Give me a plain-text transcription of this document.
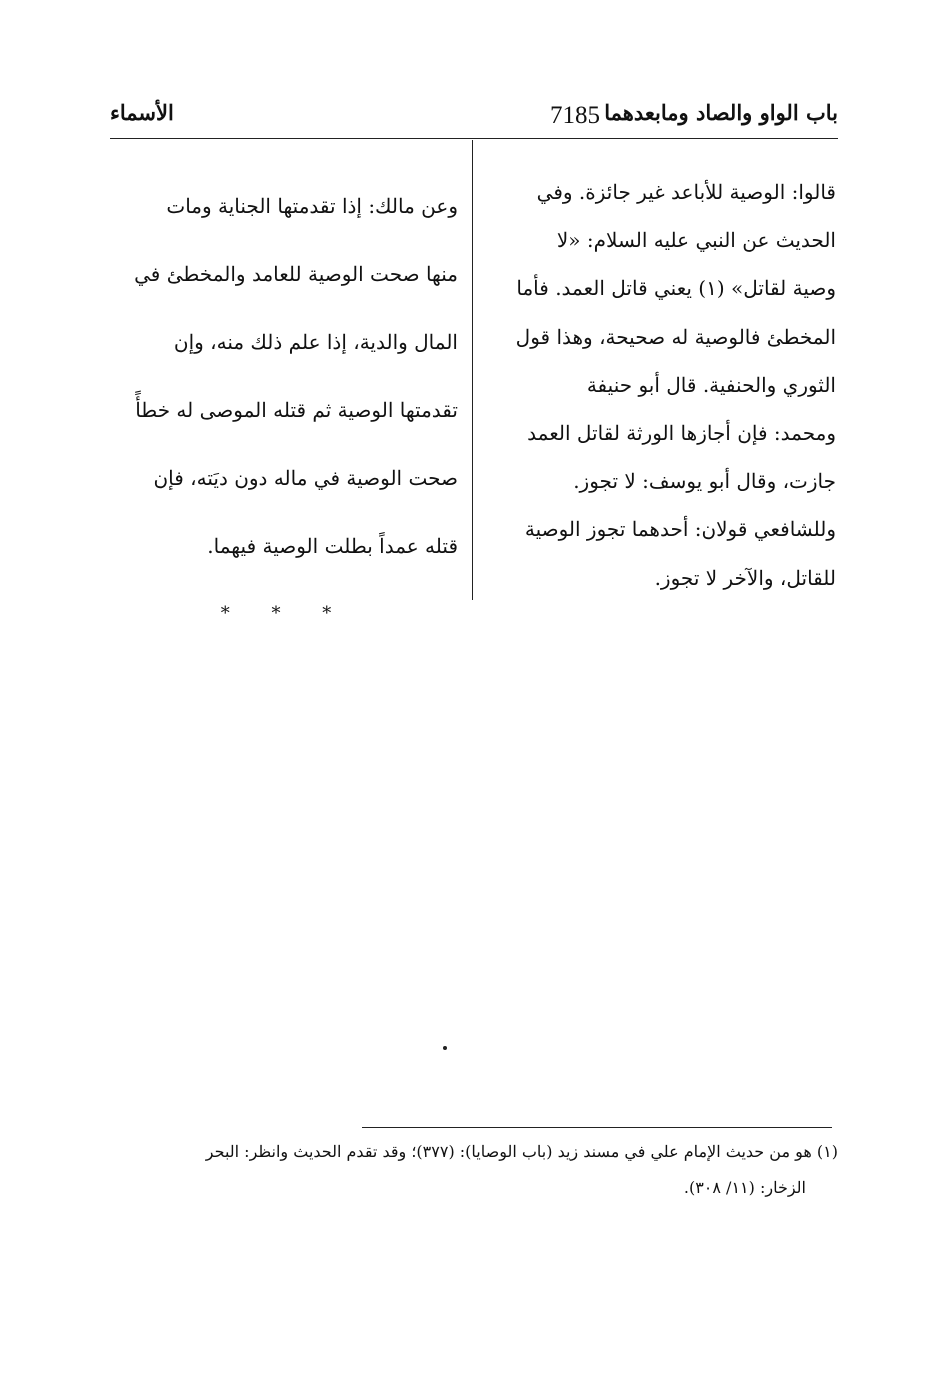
باب الواو والصاد ومابعدهما
7185
الأسماء
قالوا: الوصية للأباعد غير جائزة. وفي
الحديث عن النبي عليه السلام: «لا
وصية لقاتل» (١) يعني قاتل العمد. فأما
المخطئ فالوصية له صحيحة، وهذا قول
الثوري والحنفية. قال أبو حنيفة
ومحمد: فإن أجازها الورثة لقاتل العمد
جازت، وقال أبو يوسف: لا تجوز.
وللشافعي قولان: أحدهما تجوز الوصية
للقاتل، والآخر لا تجوز.
وعن مالك: إذا تقدمتها الجناية ومات
منها صحت الوصية للعامد والمخطئ في
المال والدية، إذا علم ذلك منه، وإن
تقدمتها الوصية ثم قتله الموصى له خطأً
صحت الوصية في ماله دون ديَته، فإن
قتله عمداً بطلت الوصية فيهما.
* * *
(١) هو من حديث الإمام علي في مسند زيد (باب الوصايا): (٣٧٧)؛ وقد تقدم الحديث وانظر: البحر
الزخار: (١١/ ٣٠٨).
